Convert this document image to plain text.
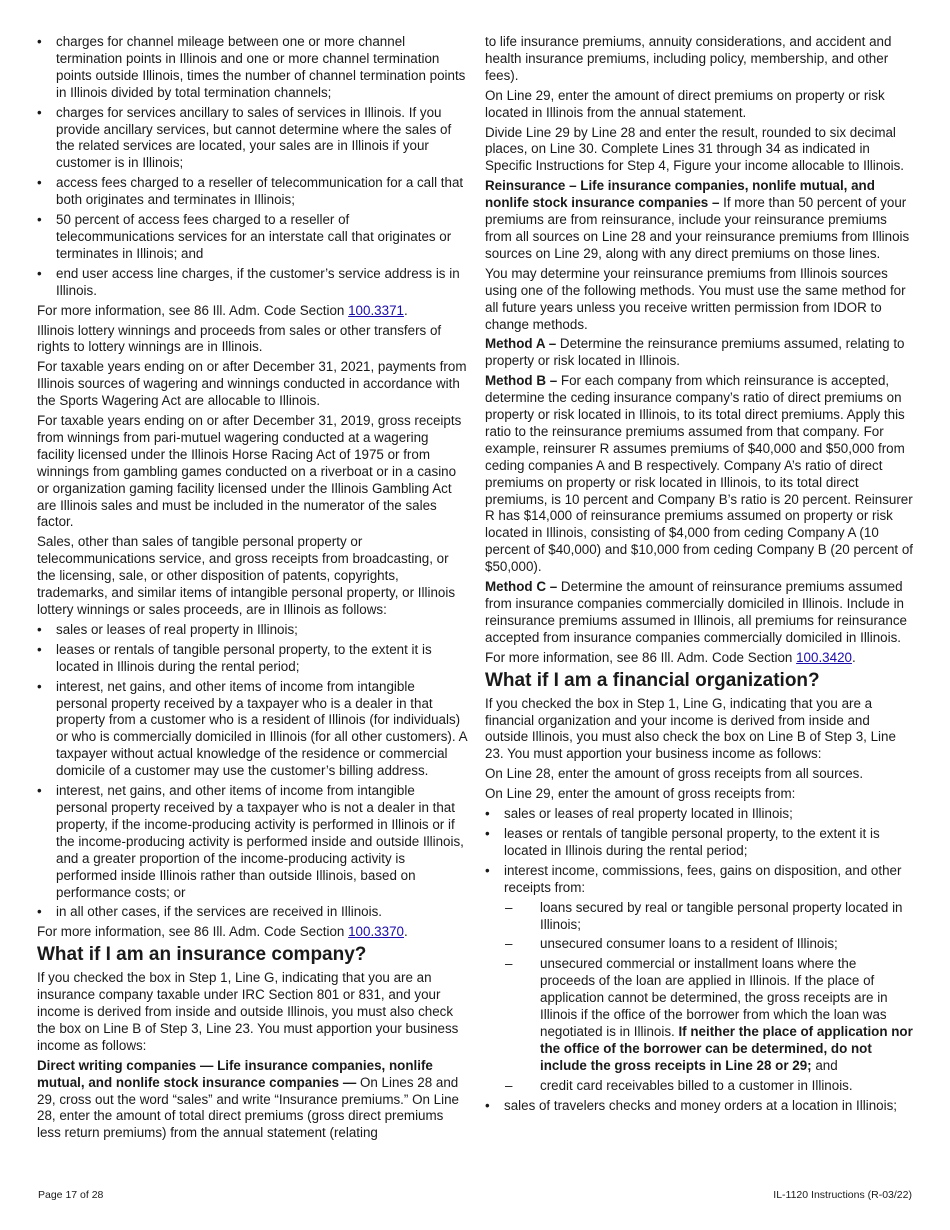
• charges for channel mileage between one or more channel termination points in Illinois and one or more channel termination points outside Illinois, times the number of channel termination points in Illinois divided by total termination channels;
• charges for services ancillary to sales of services in Illinois. If you provide ancillary services, but cannot determine where the sales of the related services are located, your sales are in Illinois if your customer is in Illinois;
• access fees charged to a reseller of telecommunication for a call that both originates and terminates in Illinois;
• 50 percent of access fees charged to a reseller of telecommunications services for an interstate call that originates or terminates in Illinois; and
• end user access line charges, if the customer’s service address is in Illinois.

For more information, see 86 Ill. Adm. Code Section 100.3371.

Illinois lottery winnings and proceeds from sales or other transfers of rights to lottery winnings are in Illinois.

For taxable years ending on or after December 31, 2021, payments from Illinois sources of wagering and winnings conducted in accordance with the Sports Wagering Act are allocable to Illinois.

For taxable years ending on or after December 31, 2019, gross receipts from winnings from pari-mutuel wagering conducted at a wagering facility licensed under the Illinois Horse Racing Act of 1975 or from winnings from gambling games conducted on a riverboat or in a casino or organization gaming facility licensed under the Illinois Gambling Act are Illinois sales and must be included in the numerator of the sales factor.

Sales, other than sales of tangible personal property or telecommunications service, and gross receipts from broadcasting, or the licensing, sale, or other disposition of patents, copyrights, trademarks, and similar items of intangible personal property, or Illinois lottery winnings or sales proceeds, are in Illinois as follows:

• sales or leases of real property in Illinois;
• leases or rentals of tangible personal property, to the extent it is located in Illinois during the rental period;
• interest, net gains, and other items of income from intangible personal property received by a taxpayer who is a dealer in that property from a customer who is a resident of Illinois (for individuals) or who is commercially domiciled in Illinois (for all other customers). A taxpayer without actual knowledge of the residence or commercial domicile of a customer may use the customer’s billing address.
• interest, net gains, and other items of income from intangible personal property received by a taxpayer who is not a dealer in that property, if the income-producing activity is performed in Illinois or if the income-producing activity is performed inside and outside Illinois, and a greater proportion of the income-producing activity is performed inside Illinois rather than outside Illinois, based on performance costs; or
• in all other cases, if the services are received in Illinois.

For more information, see 86 Ill. Adm. Code Section 100.3370.

What if I am an insurance company?

If you checked the box in Step 1, Line G, indicating that you are an insurance company taxable under IRC Section 801 or 831, and your income is derived from inside and outside Illinois, you must also check the box on Line B of Step 3, Line 23. You must apportion your business income as follows:

Direct writing companies — Life insurance companies, nonlife mutual, and nonlife stock insurance companies — On Lines 28 and 29, cross out the word “sales” and write “Insurance premiums.” On Line 28, enter the amount of total direct premiums (gross direct premiums less return premiums) from the annual statement (relating

to life insurance premiums, annuity considerations, and accident and health insurance premiums, including policy, membership, and other fees).

On Line 29, enter the amount of direct premiums on property or risk located in Illinois from the annual statement.

Divide Line 29 by Line 28 and enter the result, rounded to six decimal places, on Line 30. Complete Lines 31 through 34 as indicated in Specific Instructions for Step 4, Figure your income allocable to Illinois.

Reinsurance – Life insurance companies, nonlife mutual, and nonlife stock insurance companies – If more than 50 percent of your premiums are from reinsurance, include your reinsurance premiums from all sources on Line 28 and your reinsurance premiums from Illinois sources on Line 29, along with any direct premiums on those lines.

You may determine your reinsurance premiums from Illinois sources using one of the following methods. You must use the same method for all future years unless you receive written permission from IDOR to change methods.

Method A – Determine the reinsurance premiums assumed, relating to property or risk located in Illinois.

Method B – For each company from which reinsurance is accepted, determine the ceding insurance company’s ratio of direct premiums on property or risk located in Illinois, to its total direct premiums. Apply this ratio to the reinsurance premiums assumed from that company. For example, reinsurer R assumes premiums of $40,000 and $50,000 from ceding companies A and B respectively. Company A’s ratio of direct premiums on property or risk located in Illinois, to its total direct premiums, is 10 percent and Company B’s ratio is 20 percent. Reinsurer R has $14,000 of reinsurance premiums assumed on property or risk located in Illinois, consisting of $4,000 from ceding Company A (10 percent of $40,000) and $10,000 from ceding Company B (20 percent of $50,000).

Method C – Determine the amount of reinsurance premiums assumed from insurance companies commercially domiciled in Illinois. Include in reinsurance premiums assumed in Illinois, all premiums for reinsurance accepted from insurance companies commercially domiciled in Illinois.

For more information, see 86 Ill. Adm. Code Section 100.3420.

What if I am a financial organization?

If you checked the box in Step 1, Line G, indicating that you are a financial organization and your income is derived from inside and outside Illinois, you must also check the box on Line B of Step 3, Line 23. You must apportion your business income as follows:

On Line 28, enter the amount of gross receipts from all sources.

On Line 29, enter the amount of gross receipts from:

• sales or leases of real property located in Illinois;
• leases or rentals of tangible personal property, to the extent it is located in Illinois during the rental period;
• interest income, commissions, fees, gains on disposition, and other receipts from:
– loans secured by real or tangible personal property located in Illinois;
– unsecured consumer loans to a resident of Illinois;
– unsecured commercial or installment loans where the proceeds of the loan are applied in Illinois. If the place of application cannot be determined, the gross receipts are in Illinois if the office of the borrower from which the loan was negotiated is in Illinois. If neither the place of application nor the office of the borrower can be determined, do not include the gross receipts in Line 28 or 29; and
– credit card receivables billed to a customer in Illinois.
• sales of travelers checks and money orders at a location in Illinois;
Page 17 of 28	IL-1120 Instructions (R-03/22)
